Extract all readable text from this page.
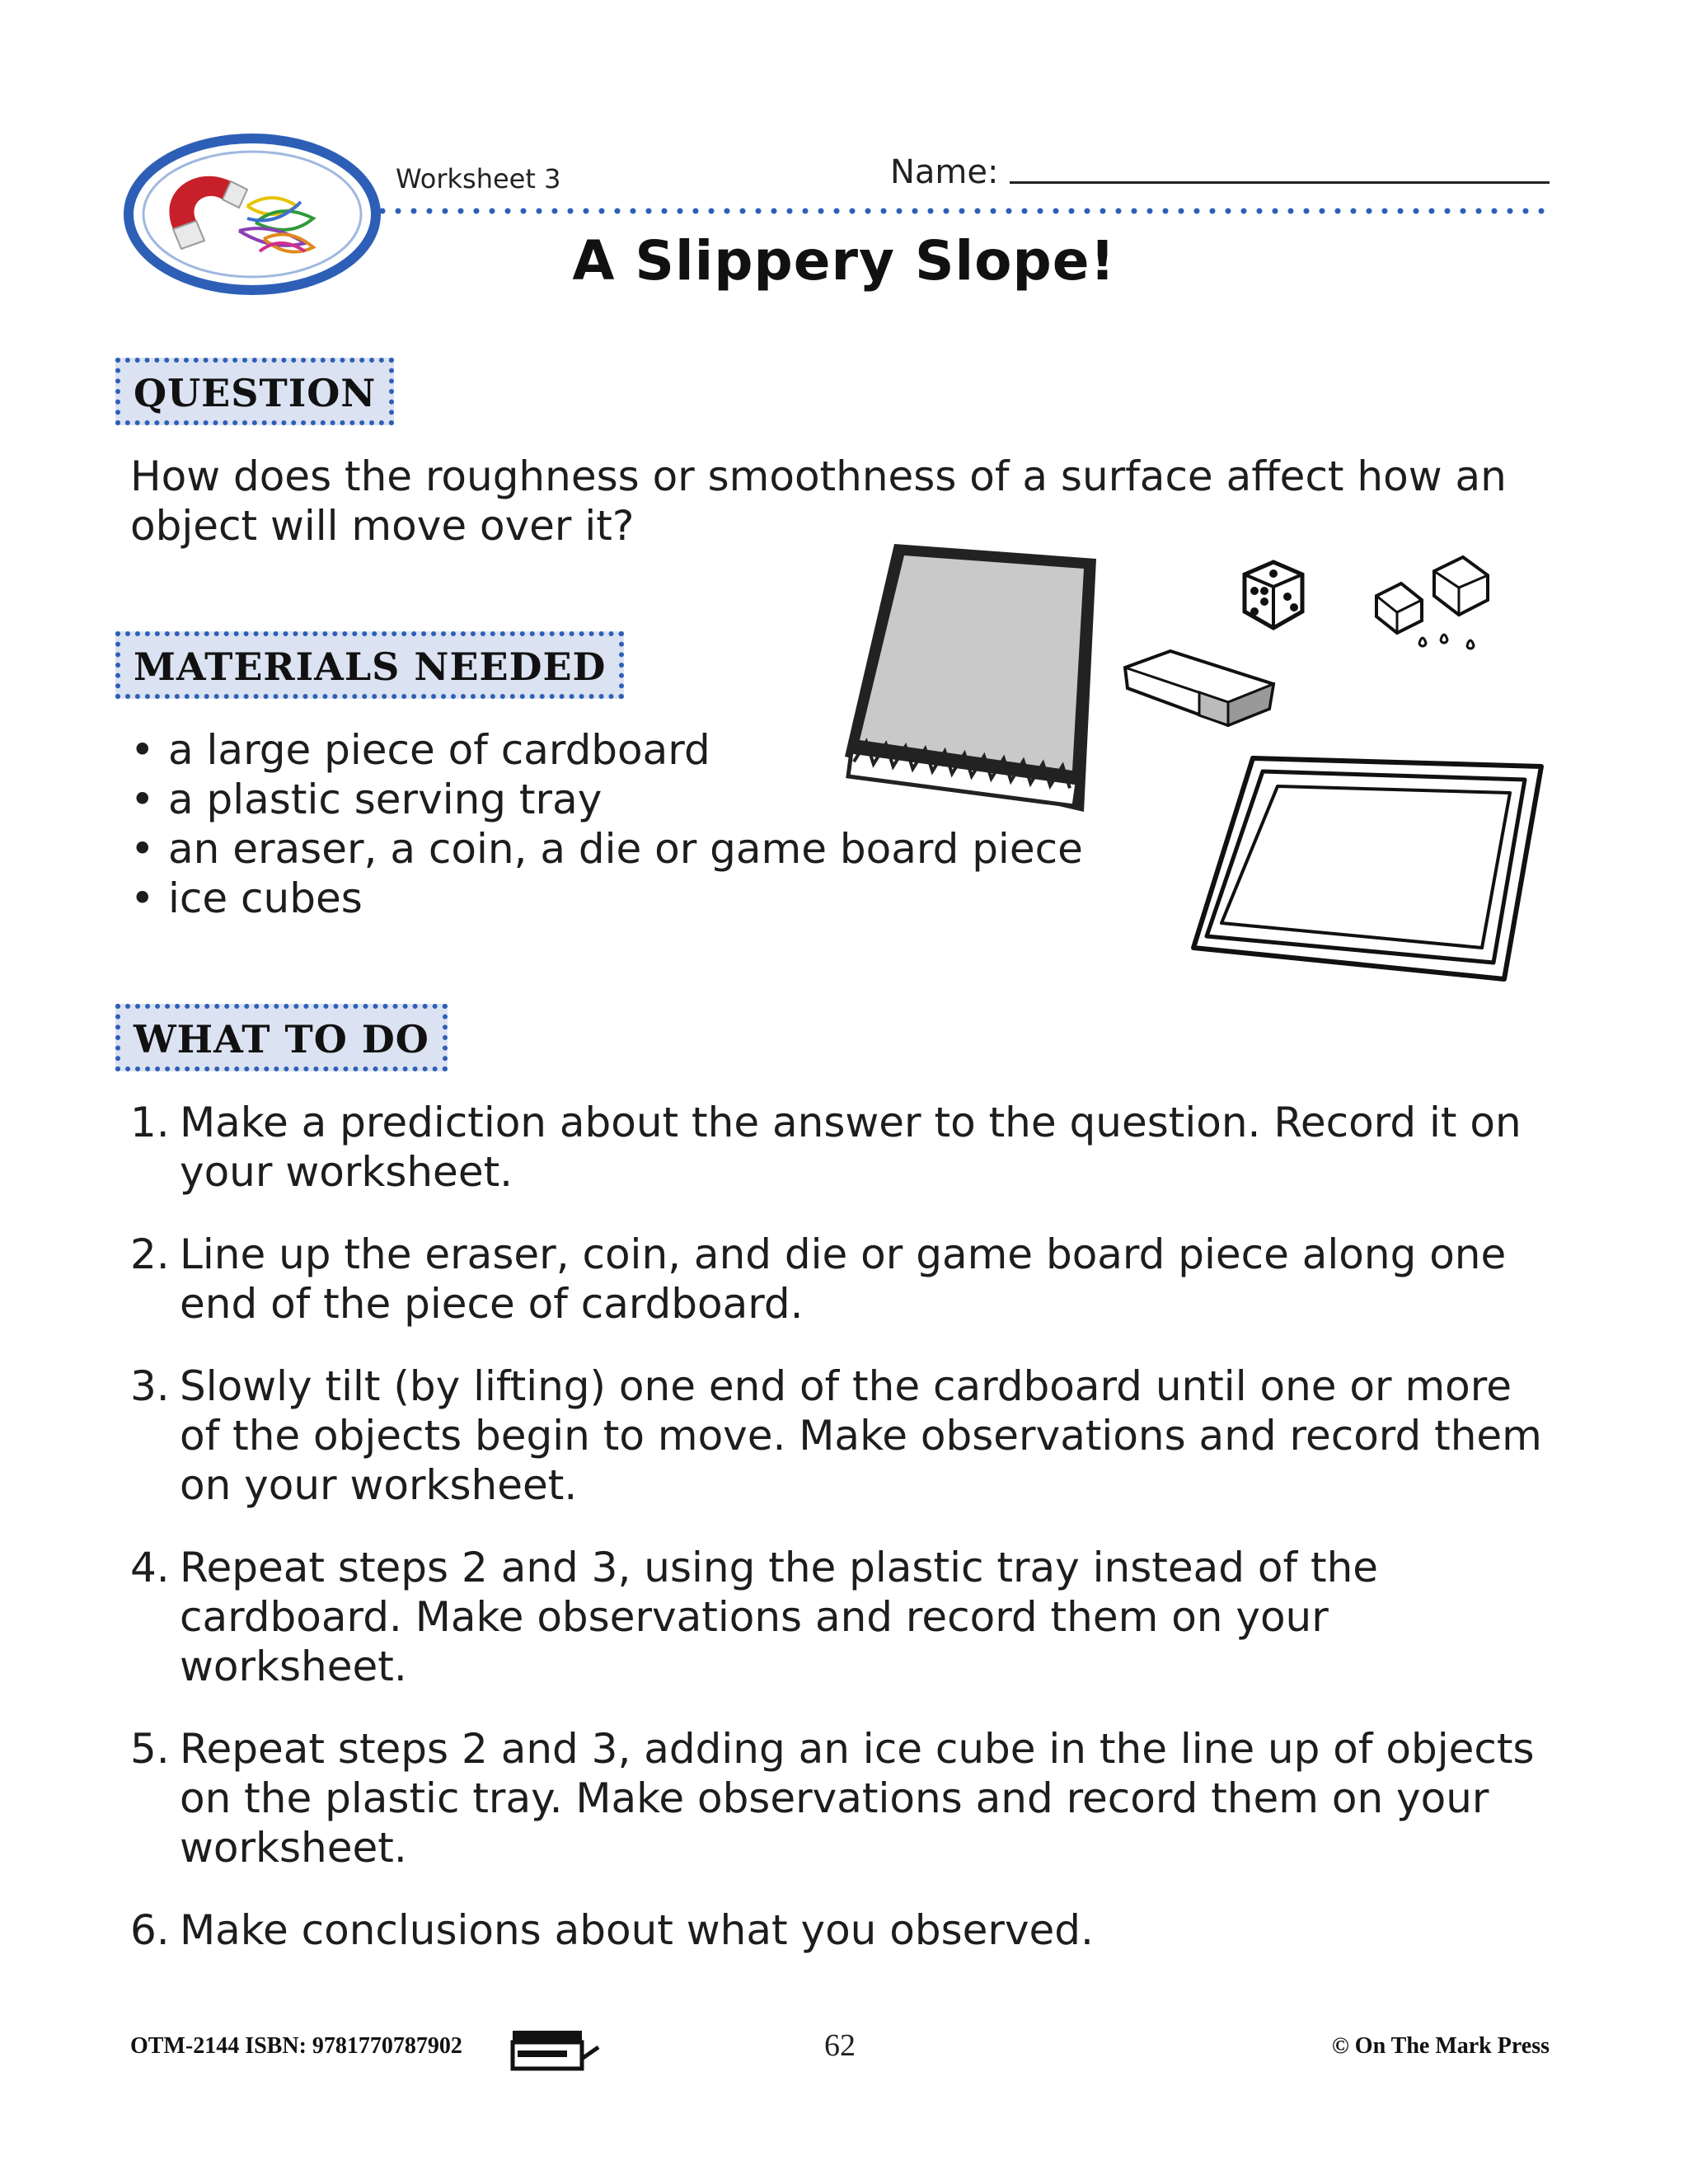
Worksheet 3	Name:
A Slippery Slope!
QUESTION
How does the roughness or smoothness of a surface affect how an object will move over it?
MATERIALS NEEDED
• a large piece of cardboard
• a plastic serving tray
• an eraser, a coin, a die or game board piece
• ice cubes
WHAT TO DO
1. Make a prediction about the answer to the question. Record it on your worksheet.
2. Line up the eraser, coin, and die or game board piece along one end of the piece of cardboard.
3. Slowly tilt (by lifting) one end of the cardboard until one or more of the objects begin to move. Make observations and record them on your worksheet.
4. Repeat steps 2 and 3, using the plastic tray instead of the cardboard. Make observations and record them on your worksheet.
5. Repeat steps 2 and 3, adding an ice cube in the line up of objects on the plastic tray. Make observations and record them on your worksheet.
6. Make conclusions about what you observed.
OTM-2144 ISBN: 9781770787902	62	© On The Mark Press
